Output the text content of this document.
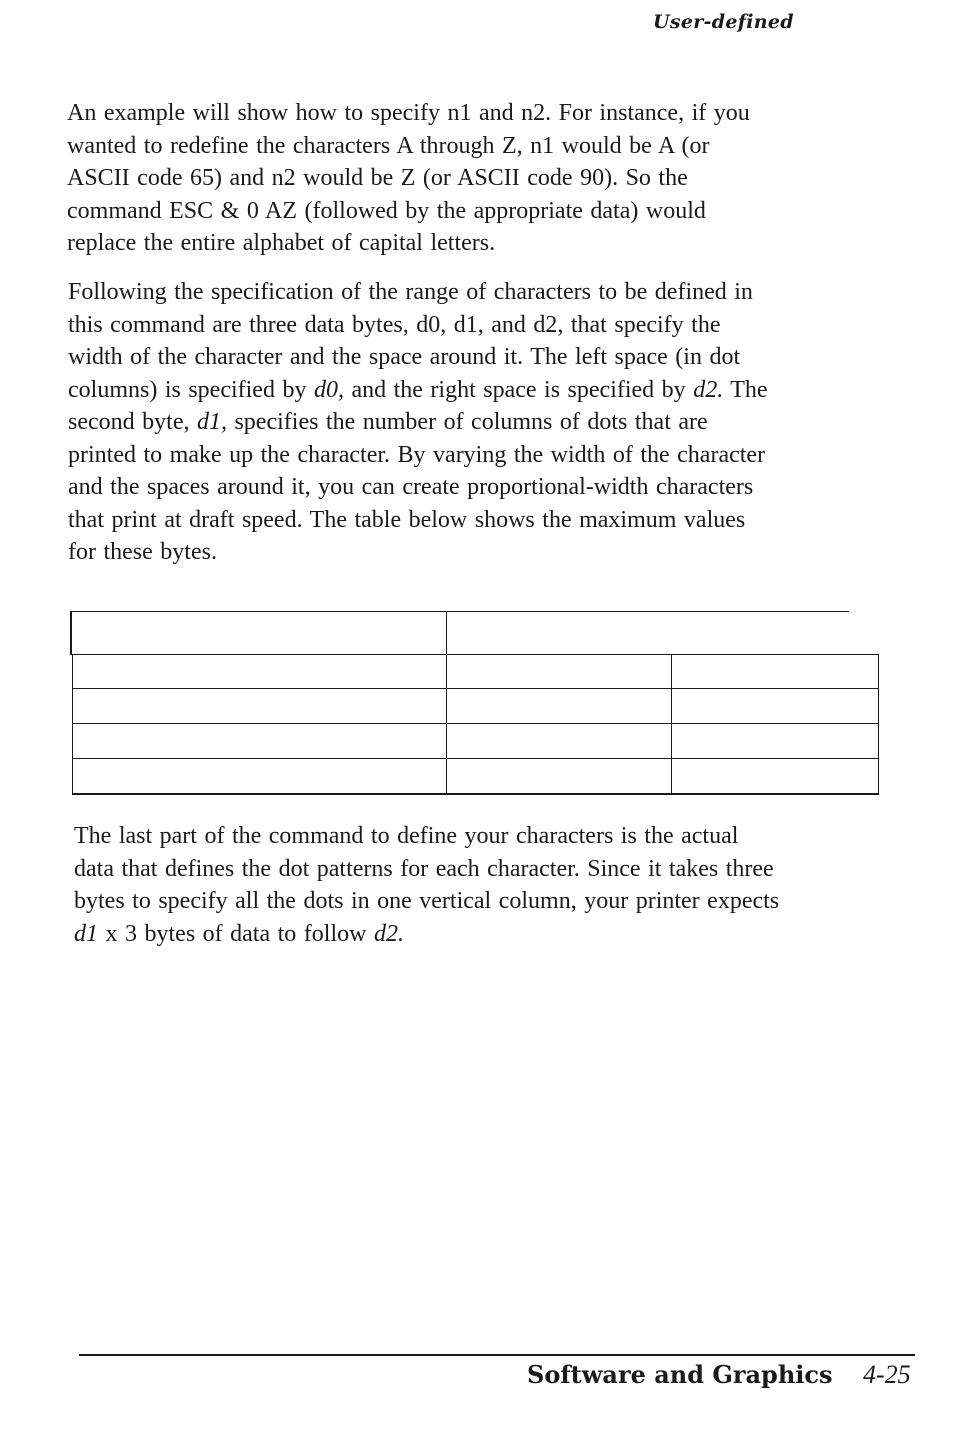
User-defined

An example will show how to specify n1 and n2. For instance, if you
wanted to redefine the characters A through Z, n1 would be A (or
ASCII code 65) and n2 would be Z (or ASCII code 90). So the
command ESC & 0 AZ (followed by the appropriate data) would
replace the entire alphabet of capital letters.

Following the specification of the range of characters to be defined in
this command are three data bytes, d0, d1, and d2, that specify the
width of the character and the space around it. The left space (in dot
columns) is specified by d0, and the right space is specified by d2. The
second byte, d1, specifies the number of columns of dots that are
printed to make up the character. By varying the width of the character
and the spaces around it, you can create proportional-width characters
that print at draft speed. The table below shows the maximum values
for these bytes.

The last part of the command to define your characters is the actual
data that defines the dot patterns for each character. Since it takes three
bytes to specify all the dots in one vertical column, your printer expects
d1 x 3 bytes of data to follow d2.

Software and Graphics 4-25
